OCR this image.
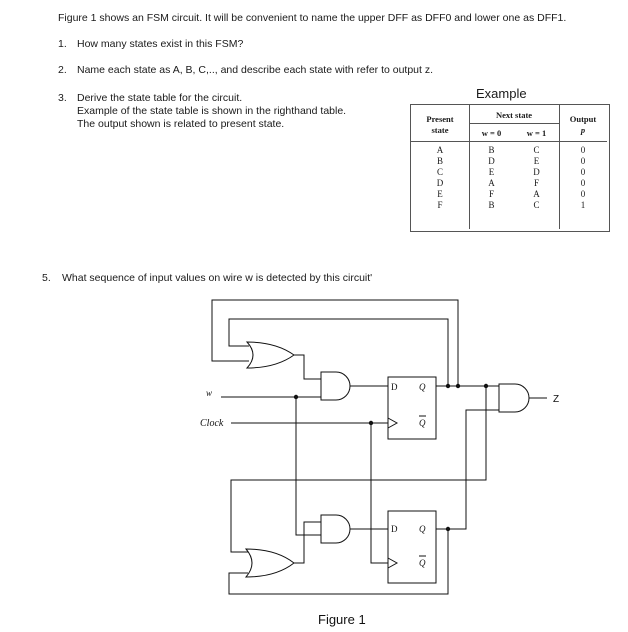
Figure 1 shows an FSM circuit. It will be convenient to name the upper DFF as DFF0 and lower one as DFF1.
1. How many states exist in this FSM?
2. Name each state as A, B, C,.., and describe each state with refer to output z.
3. Derive the state table for the circuit.
Example of the state table is shown in the righthand table.
The output shown is related to present state.
Example
5. What sequence of input values on wire w is detected by this circuit'
Present
state
Next state
w = 0	w = 1
Output
p
A	B	C	0
B	D	E	0
C	E	D	0
D	A	F	0
E	F	A	0
F	B	C	1
w
Clock
D Q
Q
D Q
Q
Z
Figure 1
